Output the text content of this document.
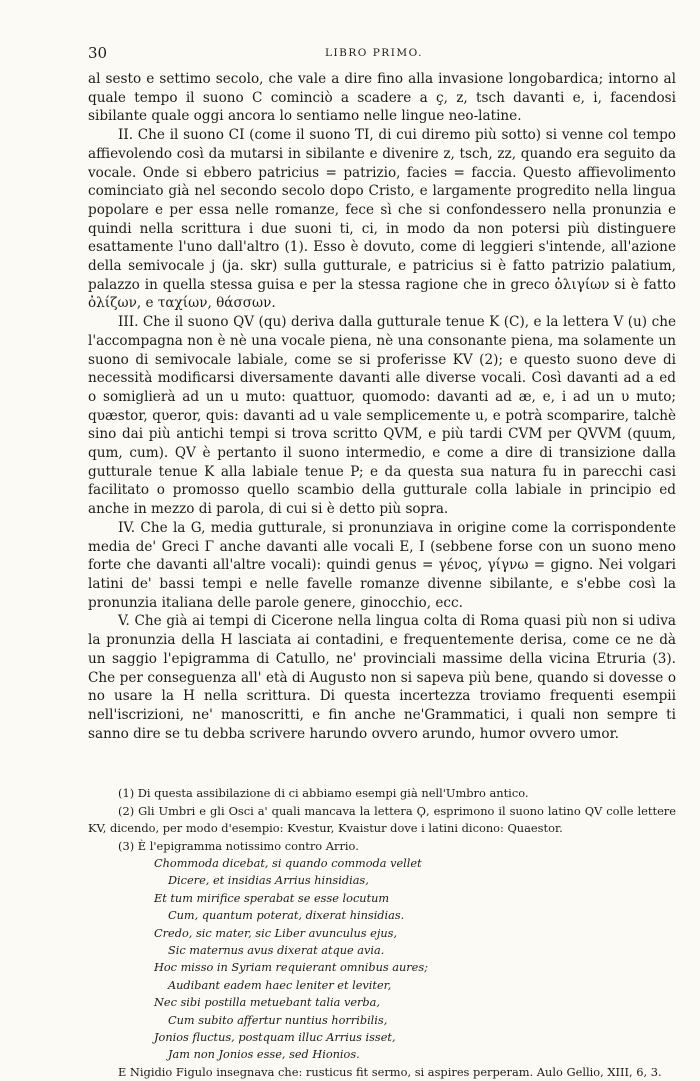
30	LIBRO PRIMO.

al sesto e settimo secolo, che vale a dire fino alla invasione longobardica; intorno al quale tempo il suono C cominciò a scadere a ç, z, tsch davanti e, i, facendosi sibilante quale oggi ancora lo sentiamo nelle lingue neo-latine.

II. Che il suono CI (come il suono TI, di cui diremo più sotto) si venne col tempo affievolendo così da mutarsi in sibilante e divenire z, tsch, zz, quando era seguito da vocale. Onde si ebbero patricius = patrizio, facies = faccia. Questo affievolimento cominciato già nel secondo secolo dopo Cristo, e largamente progredito nella lingua popolare e per essa nelle romanze, fece sì che si confondessero nella pronunzia e quindi nella scrittura i due suoni ti, ci, in modo da non potersi più distinguere esattamente l'uno dall'altro (1). Esso è dovuto, come di leggieri s'intende, all'azione della semivocale j (ja. skr) sulla gutturale, e patricius si è fatto patrizio palatium, palazzo in quella stessa guisa e per la stessa ragione che in greco ὀλιγίων si è fatto ὀλίζων, e ταχίων, θάσσων.

III. Che il suono QV (qu) deriva dalla gutturale tenue K (C), e la lettera V (u) che l'accompagna non è nè una vocale piena, nè una consonante piena, ma solamente un suono di semivocale labiale, come se si proferisse KV (2); e questo suono deve di necessità modificarsi diversamente davanti alle diverse vocali. Così davanti ad a ed o somiglierà ad un u muto: quattuor, quomodo: davanti ad æ, e, i ad un υ muto; qυæstor, qυeror, qυis: davanti ad u vale semplicemente u, e potrà scomparire, talchè sino dai più antichi tempi si trova scritto QVM, e più tardi CVM per QVVM (quum, qum, cum). QV è pertanto il suono intermedio, e come a dire di transizione dalla gutturale tenue K alla labiale tenue P; e da questa sua natura fu in parecchi casi facilitato o promosso quello scambio della gutturale colla labiale in principio ed anche in mezzo di parola, di cui si è detto più sopra.

IV. Che la G, media gutturale, si pronunziava in origine come la corrispondente media de' Greci Γ anche davanti alle vocali E, I (sebbene forse con un suono meno forte che davanti all'altre vocali): quindi genus = γένος, γίγνω = gigno. Nei volgari latini de' bassi tempi e nelle favelle romanze divenne sibilante, e s'ebbe così la pronunzia italiana delle parole genere, ginocchio, ecc.

V. Che già ai tempi di Cicerone nella lingua colta di Roma quasi più non si udiva la pronunzia della H lasciata ai contadini, e frequentemente derisa, come ce ne dà un saggio l'epigramma di Catullo, ne' provinciali massime della vicina Etruria (3). Che per conseguenza all' età di Augusto non si sapeva più bene, quando si dovesse o no usare la H nella scrittura. Di questa incertezza troviamo frequenti esempii nell'iscrizioni, ne' manoscritti, e fin anche ne'Grammatici, i quali non sempre ti sanno dire se tu debba scrivere harundo ovvero arundo, humor ovvero umor.

(1) Di questa assibilazione di ci abbiamo esempi già nell'Umbro antico.

(2) Gli Umbri e gli Osci a' quali mancava la lettera Ϙ, esprimono il suono latino QV colle lettere KV, dicendo, per modo d'esempio: Kvestur, Kvaistur dove i latini dicono: Quaestor.

(3) È l'epigramma notissimo contro Arrio.

Chommoda dicebat, si quando commoda vellet
Dicere, et insidias Arrius hinsidias,
Et tum mirifice sperabat se esse locutum
Cum, quantum poterat, dixerat hinsidias.
Credo, sic mater, sic Liber avunculus ejus,
Sic maternus avus dixerat atque avia.
Hoc misso in Syriam requierant omnibus aures;
Audibant eadem haec leniter et leviter,
Nec sibi postilla metuebant talia verba,
Cum subito affertur nuntius horribilis,
Jonios fluctus, postquam illuc Arrius isset,
Jam non Jonios esse, sed Hionios.

E Nigidio Figulo insegnava che: rusticus fit sermo, si aspires perperam. Aulo Gellio, XIII, 6, 3.
